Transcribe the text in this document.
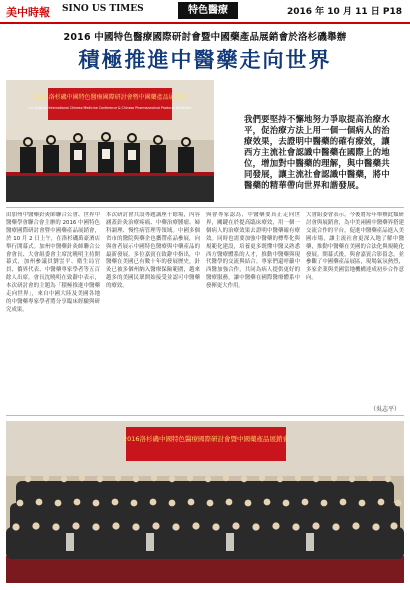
美中時報 SINO US TIMES	特色醫療	2016 年 10 月 11 日 P18
2016 中國特色醫療國際研討會暨中國藥產品展銷會於洛杉磯舉辦
積極推進中醫藥走向世界
2016洛杉磯中國特色醫療國際研討會暨中國藥產品展銷會
Los Angeles International Chinese Medicine Conference & Chinese Pharmaceutical Products Exhibition
我們要堅持不懈地努力爭取提高治療水平，促治療方法上用一個一個病人的治療效果，去證明中醫藥的確有療效，讓西方主流社會認識中醫藥在國際上的地位，增加對中醫藥的理解，與中醫藥共同發展，讓主流社會認識中醫藥，將中醫藥的精華帶向世界和諧發展。

由加州中醫藥針灸師聯合公會、世界中醫藥學會聯合會主辦的 2016 中國特色醫療國際研討會暨中國藥產品展銷會，於 10 月 2 日上午，在洛杉磯萬豪酒店舉行開幕式。加州中醫藥針灸師聯合公會會長、大會組委會主席沈曉明主持開幕式，加州參議員劉雲平、衛生局官員、僑界代表、中醫藥專家學者等五百餘人出席。會長沈曉明在致辭中表示，本次研討會的主題為「積極推進中醫藥走向世界」，來自中國大陸及美國各地的中醫藥專家學者將分享臨床經驗與研究成果。

本次研討會共設專題講座十餘場，內容涵蓋針灸治療疼痛、中藥治療腫瘤、婦科調理、慢性病管理等領域。中國多個省市的醫院與藥企也攜帶產品參展，向與會者展示中國特色醫療與中藥產品的最新發展。多位嘉賓在致辭中指出，中醫藥在美國已有數十年的發展歷史，針灸已被多個州納入醫療保險範圍，越來越多的美國民眾開始接受並認可中醫藥的療效。

與會專家認為，中醫藥要真正走向世界，關鍵在於提高臨床療效，用一個一個病人的治療效果去證明中醫藥確有療效。同時也需要加強中醫藥的標準化與規範化建設，培養更多既懂中醫又熟悉西方醫療體系的人才，推動中醫藥與現代醫學的交流與結合。專家們還呼籲中西醫加強合作，共同為病人提供更好的醫療服務，讓中醫藥在國際醫療體系中發揮更大作用。

大會組委會表示，今後將每年舉辦此類研討會與展銷會，為中美兩國中醫藥界搭建交流合作的平台，促進中醫藥產品進入美國市場，讓主流社會更深入地了解中醫藥，推動中醫藥在美國的合法化與規範化發展。開幕式後，與會嘉賓合影留念，並參觀了中國藥產品展區，現場氣氛熱烈，多家企業與美國當地機構達成初步合作意向。

（吳志平）
2016洛杉磯中國特色醫療國際研討會暨中國藥產品展銷會
